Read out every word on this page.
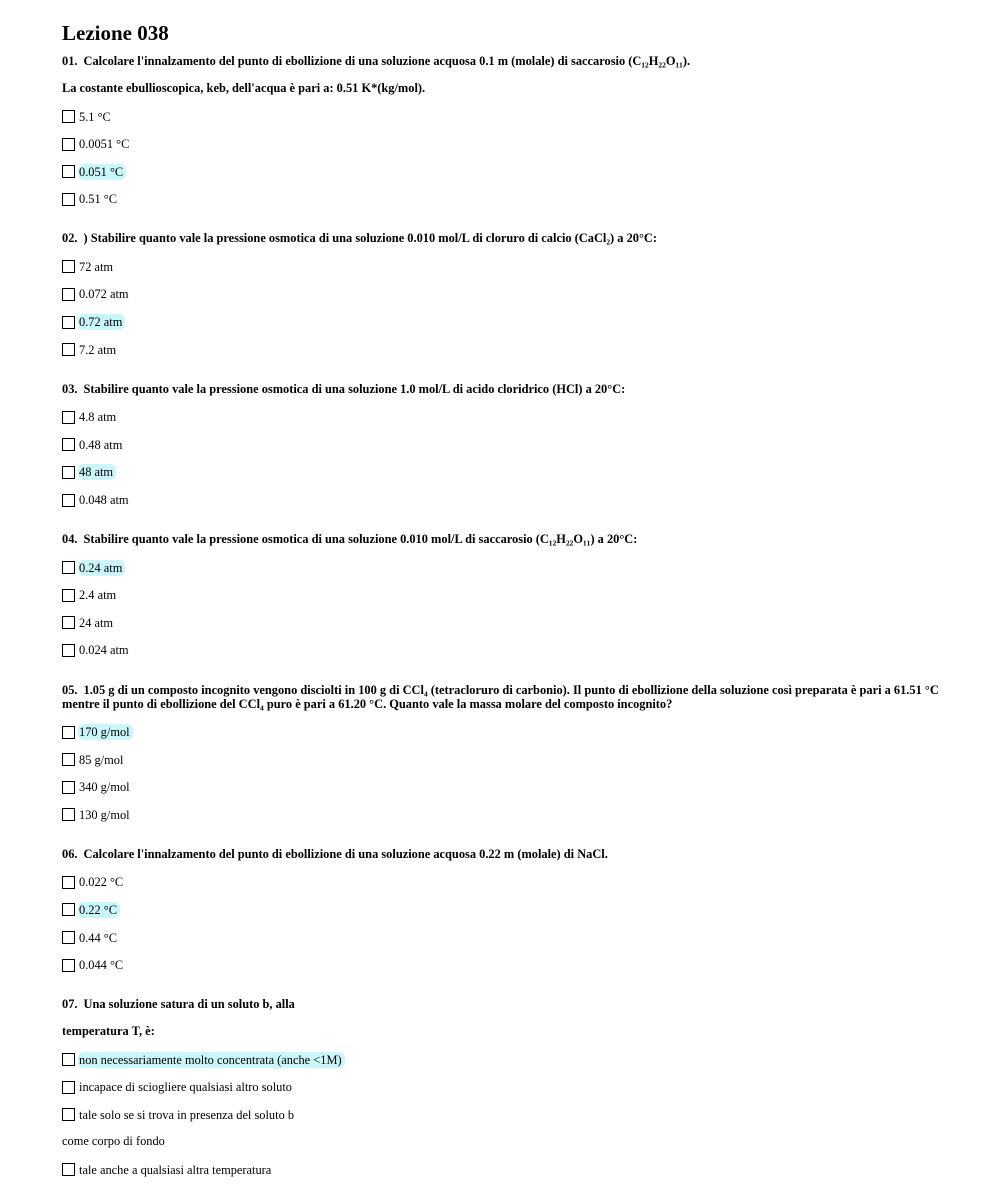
Lezione 038
01. Calcolare l'innalzamento del punto di ebollizione di una soluzione acquosa 0.1 m (molale) di saccarosio (C₁₂H₂₂O₁₁).
La costante ebullioscopica, keb, dell'acqua è pari a: 0.51 K*(kg/mol).
5.1 °C
0.0051 °C
0.051 °C
0.51 °C
02. ) Stabilire quanto vale la pressione osmotica di una soluzione 0.010 mol/L di cloruro di calcio (CaCl₂) a 20°C:
72 atm
0.072 atm
0.72 atm
7.2 atm
03. Stabilire quanto vale la pressione osmotica di una soluzione 1.0 mol/L di acido cloridrico (HCl) a 20°C:
4.8 atm
0.48 atm
48 atm
0.048 atm
04. Stabilire quanto vale la pressione osmotica di una soluzione 0.010 mol/L di saccarosio (C₁₂H₂₂O₁₁) a 20°C:
0.24 atm
2.4 atm
24 atm
0.024 atm
05. 1.05 g di un composto incognito vengono disciolti in 100 g di CCl₄ (tetracloruro di carbonio). Il punto di ebollizione della soluzione così preparata è pari a 61.51 °C mentre il punto di ebollizione del CCl₄ puro è pari a 61.20 °C. Quanto vale la massa molare del composto incognito?
170 g/mol
85 g/mol
340 g/mol
130 g/mol
06. Calcolare l'innalzamento del punto di ebollizione di una soluzione acquosa 0.22 m (molale) di NaCl.
0.022 °C
0.22 °C
0.44 °C
0.044 °C
07. Una soluzione satura di un soluto b, alla
temperatura T, è:
non necessariamente molto concentrata (anche <1M)
incapace di sciogliere qualsiasi altro soluto
tale solo se si trova in presenza del soluto b
come corpo di fondo
tale anche a qualsiasi altra temperatura
